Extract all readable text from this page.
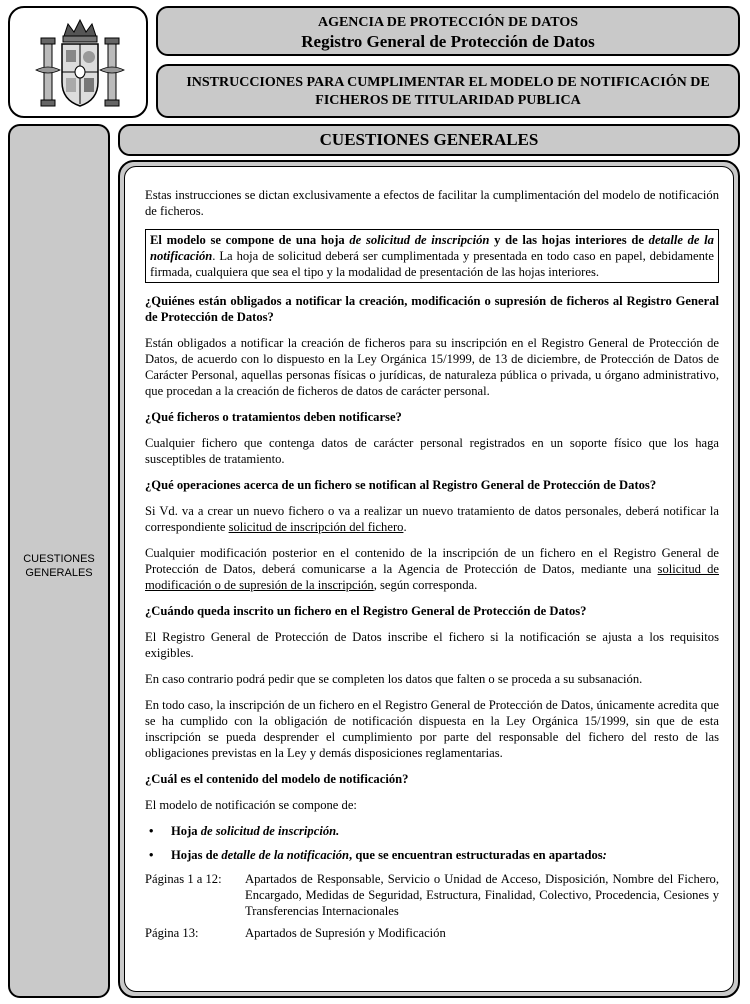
AGENCIA DE PROTECCIÓN DE DATOS
Registro General de Protección de Datos
INSTRUCCIONES PARA CUMPLIMENTAR EL MODELO DE NOTIFICACIÓN DE
FICHEROS DE TITULARIDAD PUBLICA
CUESTIONES
GENERALES
CUESTIONES GENERALES

Estas instrucciones se dictan exclusivamente a efectos de facilitar la cumplimentación del modelo de notificación de ficheros.

El modelo se compone de una hoja de solicitud de inscripción y de las hojas interiores de detalle de la notificación. La hoja de solicitud deberá ser cumplimentada y presentada en todo caso en papel, debidamente firmada, cualquiera que sea el tipo y la modalidad de presentación de las hojas interiores.
¿Quiénes están obligados a notificar la creación, modificación o supresión de ficheros al Registro General de Protección de Datos?

Están obligados a notificar la creación de ficheros para su inscripción en el Registro General de Protección de Datos, de acuerdo con lo dispuesto en la Ley Orgánica 15/1999, de 13 de diciembre, de Protección de Datos de Carácter Personal, aquellas personas físicas o jurídicas, de naturaleza pública o privada, u órgano administrativo, que procedan a la creación de ficheros de datos de carácter personal.

¿Qué ficheros o tratamientos deben notificarse?

Cualquier fichero que contenga datos de carácter personal registrados en un soporte físico que los haga susceptibles de tratamiento.

¿Qué operaciones acerca de un fichero se notifican al Registro General de Protección de Datos?

Si Vd. va a crear un nuevo fichero o va a realizar un nuevo tratamiento de datos personales, deberá notificar la correspondiente solicitud de inscripción del fichero.

Cualquier modificación posterior en el contenido de la inscripción de un fichero en el Registro General de Protección de Datos, deberá comunicarse a la Agencia de Protección de Datos, mediante una solicitud de modificación o de supresión de la inscripción, según corresponda.

¿Cuándo queda inscrito un fichero en el Registro General de Protección de Datos?

El Registro General de Protección de Datos inscribe el fichero si la notificación se ajusta a los requisitos exigibles.

En caso contrario podrá pedir que se completen los datos que falten o se proceda a su subsanación.

En todo caso, la inscripción de un fichero en el Registro General de Protección de Datos, únicamente acredita que se ha cumplido con la obligación de notificación dispuesta en la Ley Orgánica 15/1999, sin que de esta inscripción se pueda desprender el cumplimiento por parte del responsable del fichero del resto de las obligaciones previstas en la Ley y demás disposiciones reglamentarias.

¿Cuál es el contenido del modelo de notificación?

El modelo de notificación se compone de:

• Hoja de solicitud de inscripción.
• Hojas de detalle de la notificación, que se encuentran estructuradas en apartados:
Páginas 1 a 12:	Apartados de Responsable, Servicio o Unidad de Acceso, Disposición, Nombre del Fichero, Encargado, Medidas de Seguridad, Estructura, Finalidad, Colectivo, Procedencia, Cesiones y Transferencias Internacionales
Página 13:	Apartados de Supresión y Modificación
